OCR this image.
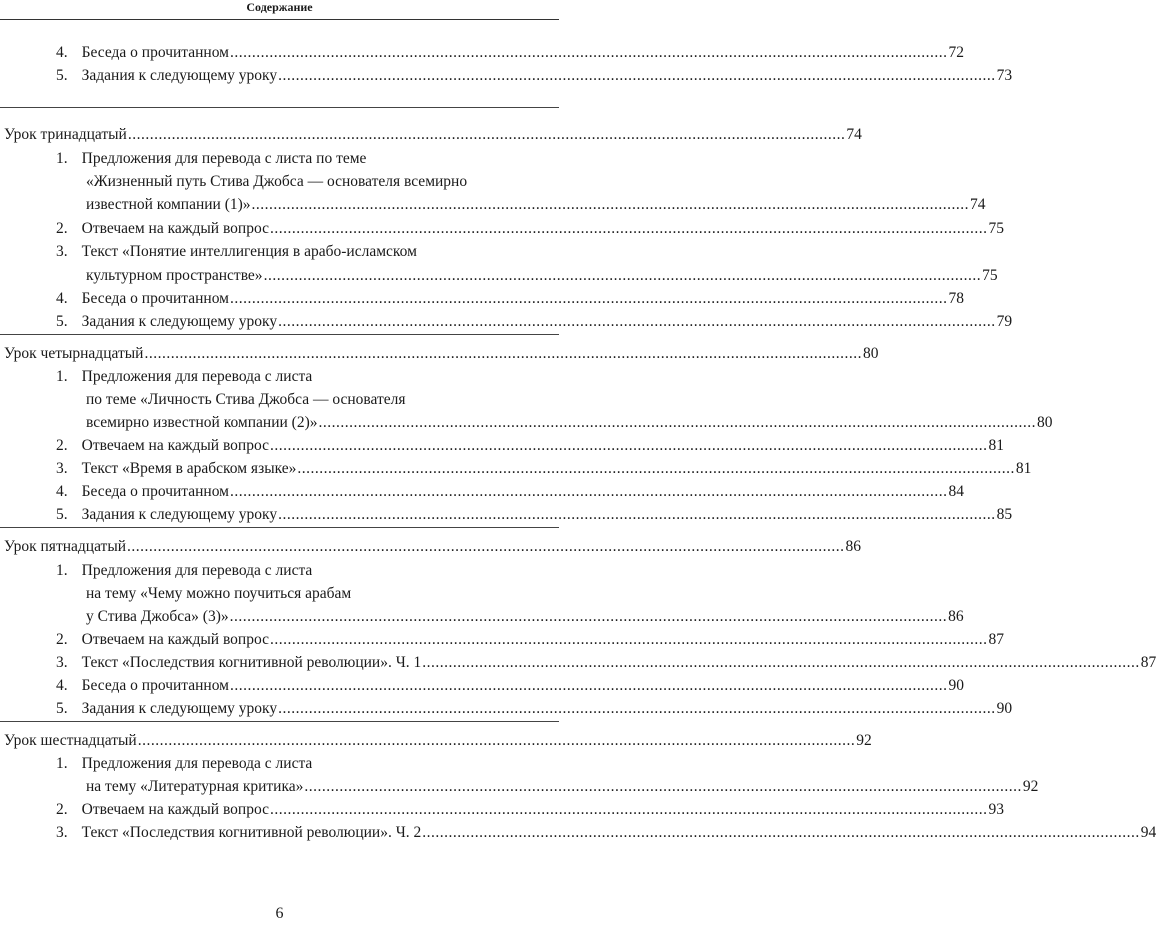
Содержание
4. Беседа о прочитанном .................................................................................................................................................................... 72
5. Задания к следующему уроку .................................................................................................................................................................... 73
Урок тринадцатый .................................................................................................................................................................... 74
1. Предложения для перевода с листа по теме
«Жизненный путь Стива Джобса — основателя всемирно
известной компании (1)» .................................................................................................................................................................... 74
2. Отвечаем на каждый вопрос .................................................................................................................................................................... 75
3. Текст «Понятие интеллигенция в арабо-исламском
культурном пространстве» .................................................................................................................................................................... 75
4. Беседа о прочитанном .................................................................................................................................................................... 78
5. Задания к следующему уроку .................................................................................................................................................................... 79
Урок четырнадцатый .................................................................................................................................................................... 80
1. Предложения для перевода с листа
по теме «Личность Стива Джобса — основателя
всемирно известной компании (2)» .................................................................................................................................................................... 80
2. Отвечаем на каждый вопрос .................................................................................................................................................................... 81
3. Текст «Время в арабском языке» .................................................................................................................................................................... 81
4. Беседа о прочитанном .................................................................................................................................................................... 84
5. Задания к следующему уроку .................................................................................................................................................................... 85
Урок пятнадцатый .................................................................................................................................................................... 86
1. Предложения для перевода с листа
на тему «Чему можно поучиться арабам
у Стива Джобса» (3)» .................................................................................................................................................................... 86
2. Отвечаем на каждый вопрос .................................................................................................................................................................... 87
3. Текст «Последствия когнитивной революции». Ч. 1 .................................................................................................................................................................... 87
4. Беседа о прочитанном .................................................................................................................................................................... 90
5. Задания к следующему уроку .................................................................................................................................................................... 90
Урок шестнадцатый .................................................................................................................................................................... 92
1. Предложения для перевода с листа
на тему «Литературная критика» .................................................................................................................................................................... 92
2. Отвечаем на каждый вопрос .................................................................................................................................................................... 93
3. Текст «Последствия когнитивной революции». Ч. 2 .................................................................................................................................................................... 94
6
